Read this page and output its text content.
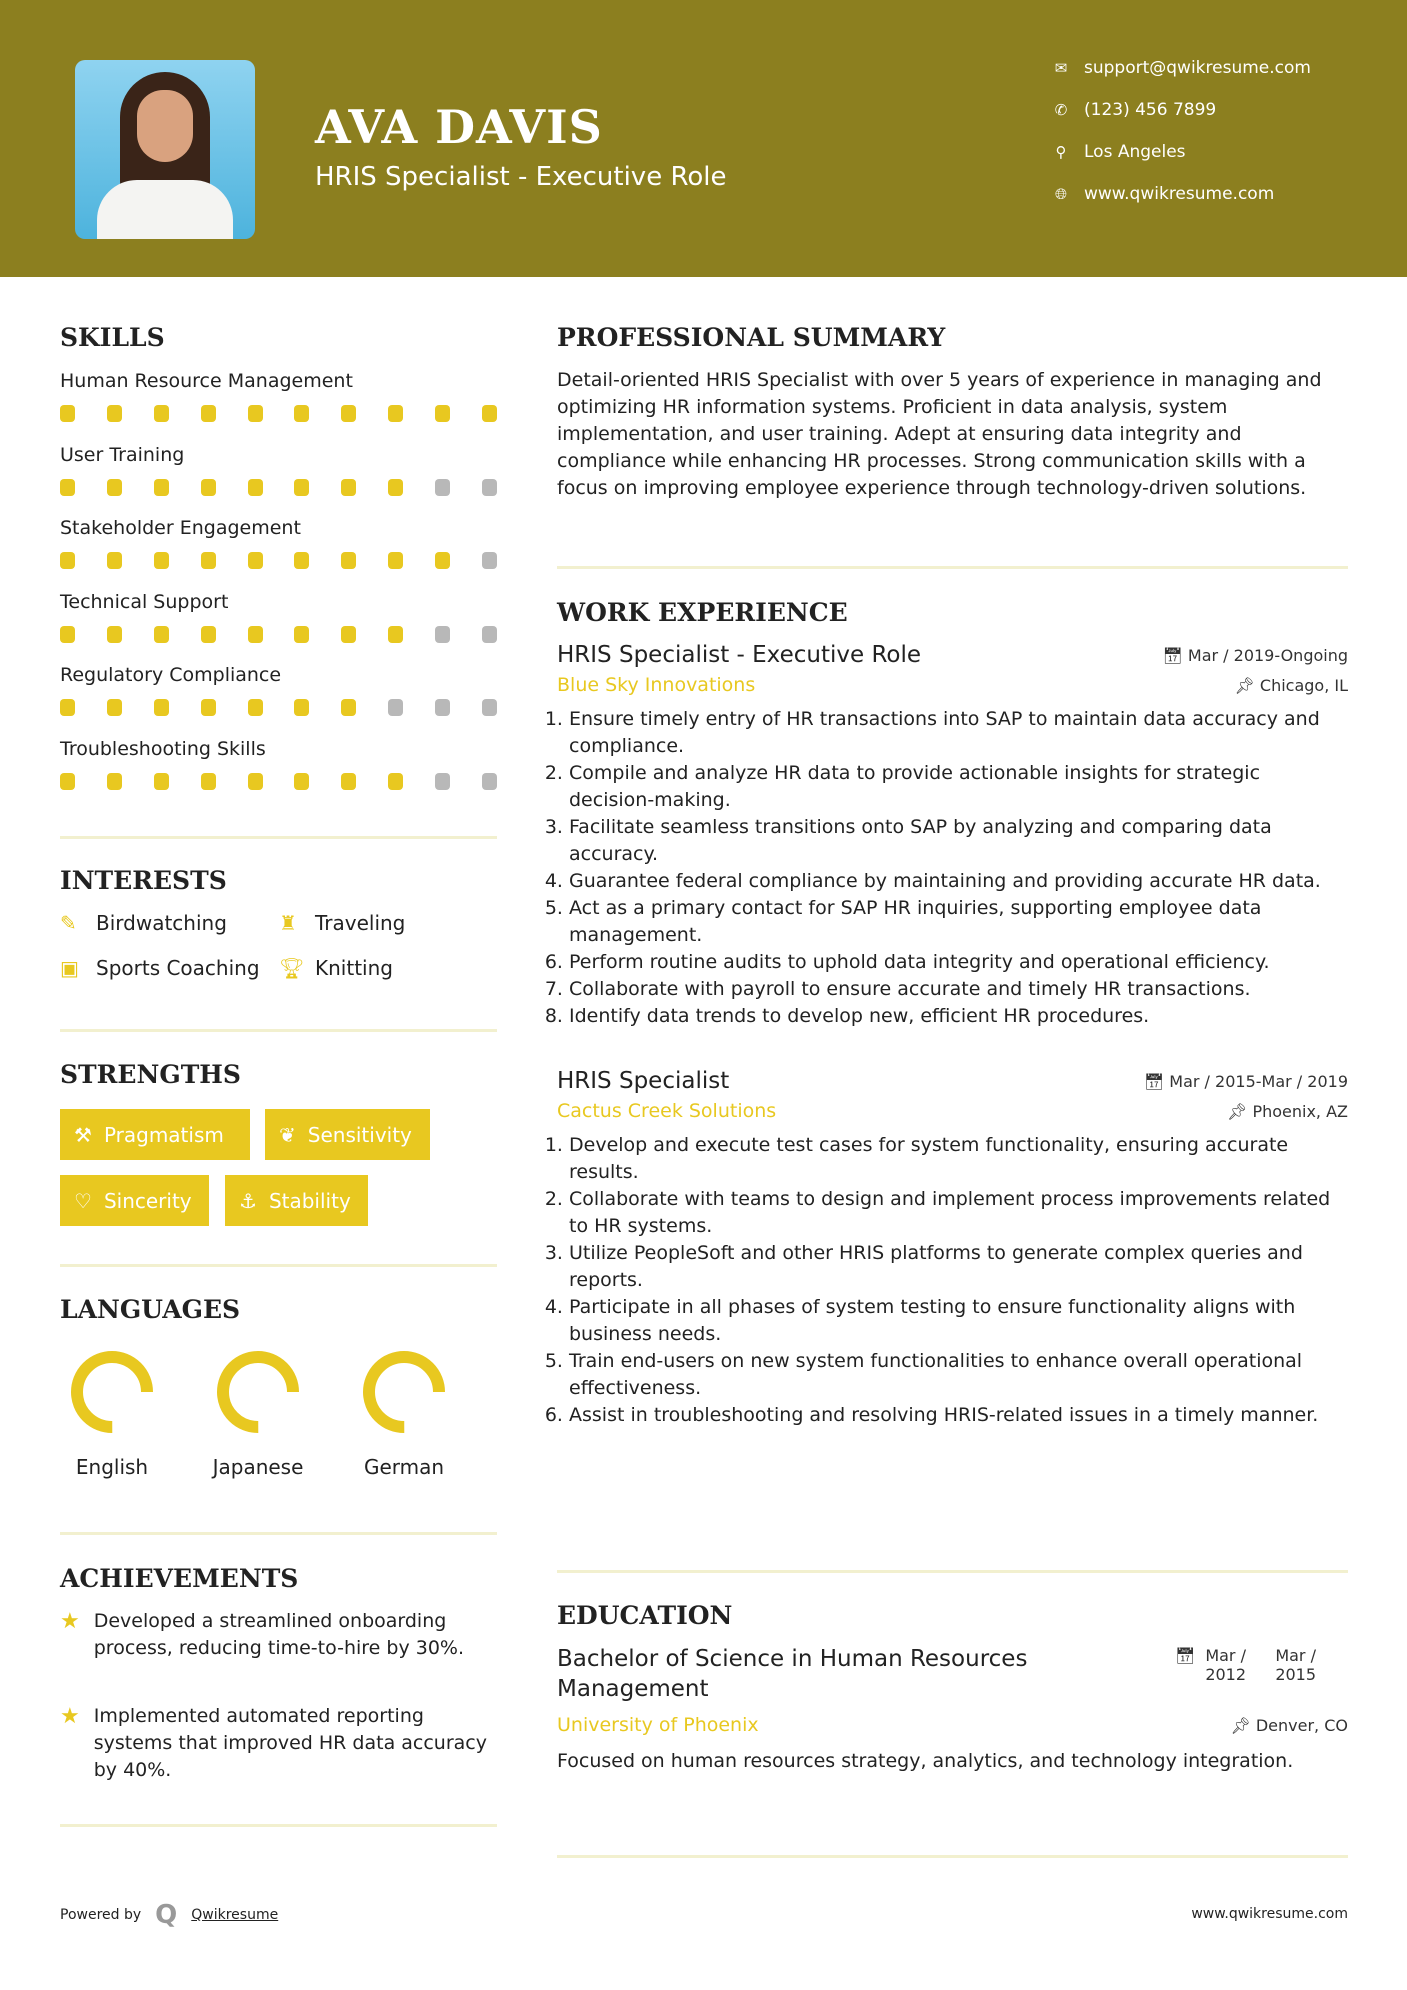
AVA DAVIS
HRIS Specialist - Executive Role
✉ support@qwikresume.com
✆ (123) 456 7899
⚲ Los Angeles
🌐︎ www.qwikresume.com
SKILLS
Human Resource Management
User Training
Stakeholder Engagement
Technical Support
Regulatory Compliance
Troubleshooting Skills
INTERESTS
✎ Birdwatching	♜ Traveling
▣ Sports Coaching 🏆︎ Knitting
STRENGTHS
⚒ Pragmatism	❦ Sensitivity
♡ Sincerity ⚓ Stability
LANGUAGES
English	Japanese	German
ACHIEVEMENTS
★ Developed a streamlined onboarding process, reducing time-to-hire by 30%.
★ Implemented automated reporting systems that improved HR data accuracy by 40%.
PROFESSIONAL SUMMARY
Detail-oriented HRIS Specialist with over 5 years of experience in managing and optimizing HR information systems. Proficient in data analysis, system implementation, and user training. Adept at ensuring data integrity and compliance while enhancing HR processes. Strong communication skills with a focus on improving employee experience through technology-driven solutions.
WORK EXPERIENCE
HRIS Specialist - Executive Role	📅︎ Mar / 2019-Ongoing
Blue Sky Innovations	📌︎ Chicago, IL
1. Ensure timely entry of HR transactions into SAP to maintain data accuracy and compliance.
2. Compile and analyze HR data to provide actionable insights for strategic decision-making.
3. Facilitate seamless transitions onto SAP by analyzing and comparing data accuracy.
4. Guarantee federal compliance by maintaining and providing accurate HR data.
5. Act as a primary contact for SAP HR inquiries, supporting employee data management.
6. Perform routine audits to uphold data integrity and operational efficiency.
7. Collaborate with payroll to ensure accurate and timely HR transactions.
8. Identify data trends to develop new, efficient HR procedures.
HRIS Specialist	📅︎ Mar / 2015-Mar / 2019
Cactus Creek Solutions	📌︎ Phoenix, AZ
1. Develop and execute test cases for system functionality, ensuring accurate results.
2. Collaborate with teams to design and implement process improvements related to HR systems.
3. Utilize PeopleSoft and other HRIS platforms to generate complex queries and reports.
4. Participate in all phases of system testing to ensure functionality aligns with business needs.
5. Train end-users on new system functionalities to enhance overall operational effectiveness.
6. Assist in troubleshooting and resolving HRIS-related issues in a timely manner.
EDUCATION
Bachelor of Science in Human Resources Management
📅︎ Mar / 2012
Mar / 2015
University of Phoenix	📌︎ Denver, CO
Focused on human resources strategy, analytics, and technology integration.
Powered by Q Qwikresume	www.qwikresume.com
